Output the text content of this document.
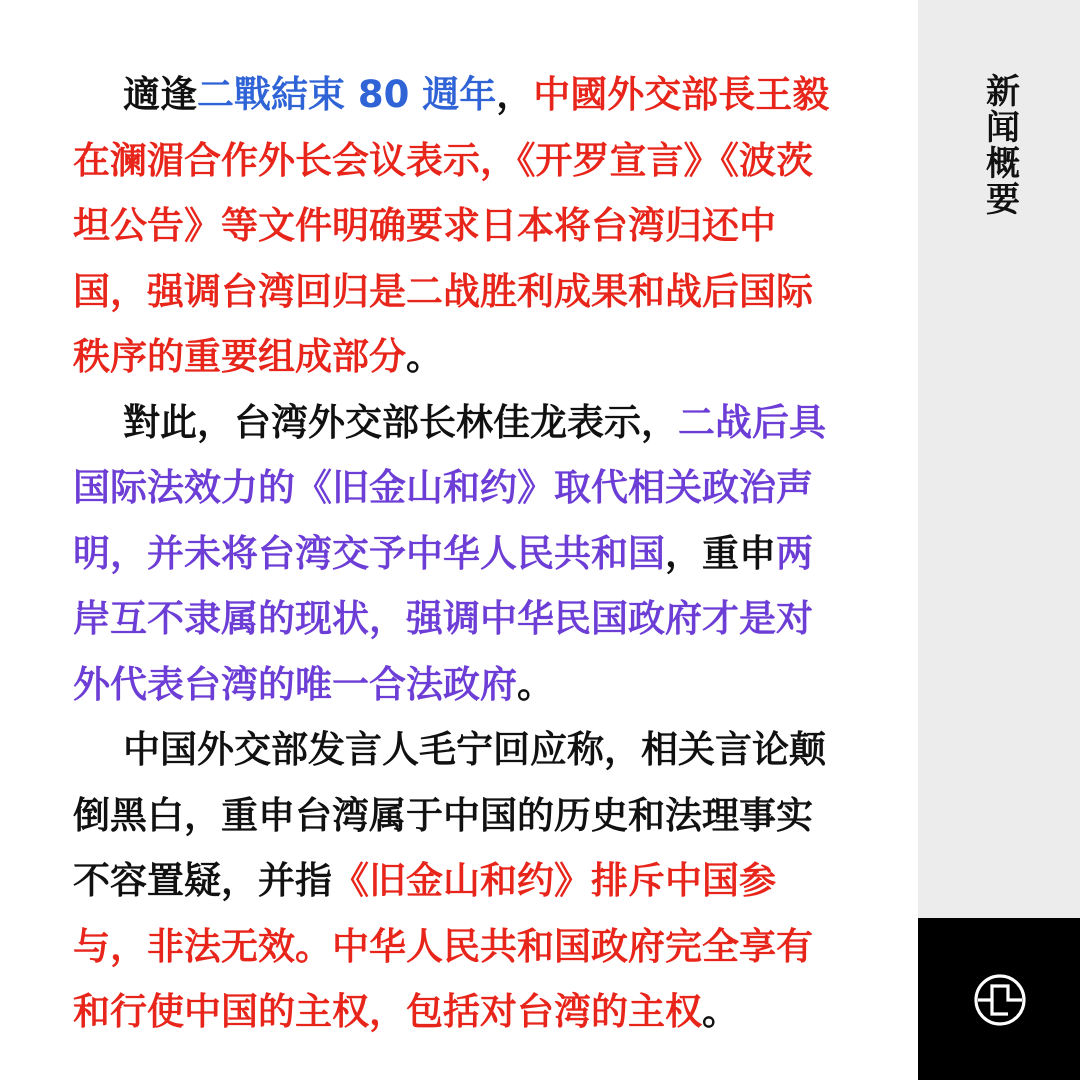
適逢二戰結束 80 週年，中國外交部長王毅在澜湄合作外长会议表示，《开罗宣言》《波茨坦公告》等文件明确要求日本将台湾归还中国，强调台湾回归是二战胜利成果和战后国际秩序的重要组成部分。

對此，台湾外交部长林佳龙表示，二战后具国际法效力的《旧金山和约》取代相关政治声明，并未将台湾交予中华人民共和国，重申两岸互不隶属的现状，强调中华民国政府才是对外代表台湾的唯一合法政府。

中国外交部发言人毛宁回应称，相关言论颠倒黑白，重申台湾属于中国的历史和法理事实不容置疑，并指《旧金山和约》排斥中国参与，非法无效。中华人民共和国政府完全享有和行使中国的主权，包括对台湾的主权。

新闻概要
